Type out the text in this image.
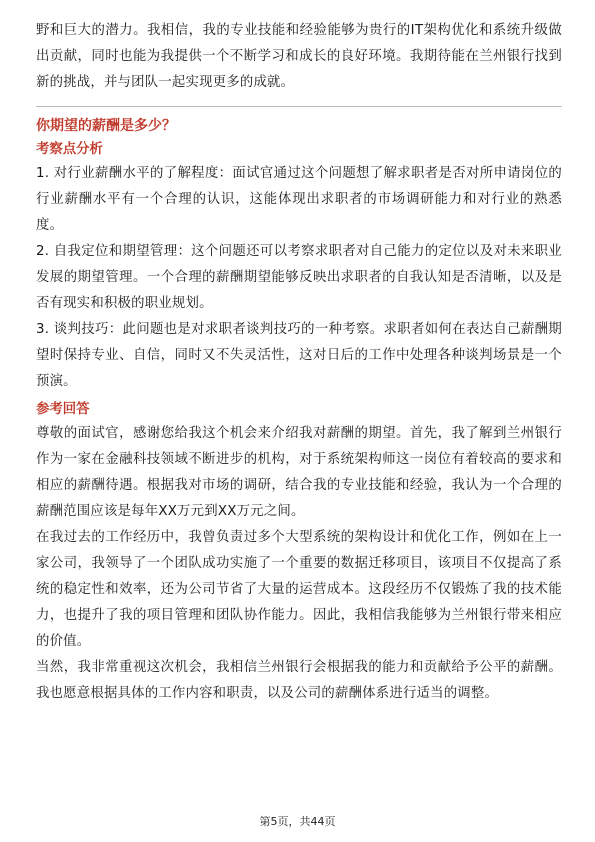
野和巨大的潜力。我相信，我的专业技能和经验能够为贵行的IT架构优化和系统升级做出贡献，同时也能为我提供一个不断学习和成长的良好环境。我期待能在兰州银行找到新的挑战，并与团队一起实现更多的成就。

你期望的薪酬是多少？

考察点分析

1. 对行业薪酬水平的了解程度：面试官通过这个问题想了解求职者是否对所申请岗位的行业薪酬水平有一个合理的认识，这能体现出求职者的市场调研能力和对行业的熟悉度。

2. 自我定位和期望管理：这个问题还可以考察求职者对自己能力的定位以及对未来职业发展的期望管理。一个合理的薪酬期望能够反映出求职者的自我认知是否清晰，以及是否有现实和积极的职业规划。

3. 谈判技巧：此问题也是对求职者谈判技巧的一种考察。求职者如何在表达自己薪酬期望时保持专业、自信，同时又不失灵活性，这对日后的工作中处理各种谈判场景是一个预演。

参考回答

尊敬的面试官，感谢您给我这个机会来介绍我对薪酬的期望。首先，我了解到兰州银行作为一家在金融科技领域不断进步的机构，对于系统架构师这一岗位有着较高的要求和相应的薪酬待遇。根据我对市场的调研，结合我的专业技能和经验，我认为一个合理的薪酬范围应该是每年XX万元到XX万元之间。

在我过去的工作经历中，我曾负责过多个大型系统的架构设计和优化工作，例如在上一家公司，我领导了一个团队成功实施了一个重要的数据迁移项目，该项目不仅提高了系统的稳定性和效率，还为公司节省了大量的运营成本。这段经历不仅锻炼了我的技术能力，也提升了我的项目管理和团队协作能力。因此，我相信我能够为兰州银行带来相应的价值。

当然，我非常重视这次机会，我相信兰州银行会根据我的能力和贡献给予公平的薪酬。我也愿意根据具体的工作内容和职责，以及公司的薪酬体系进行适当的调整。

第5页，共44页
